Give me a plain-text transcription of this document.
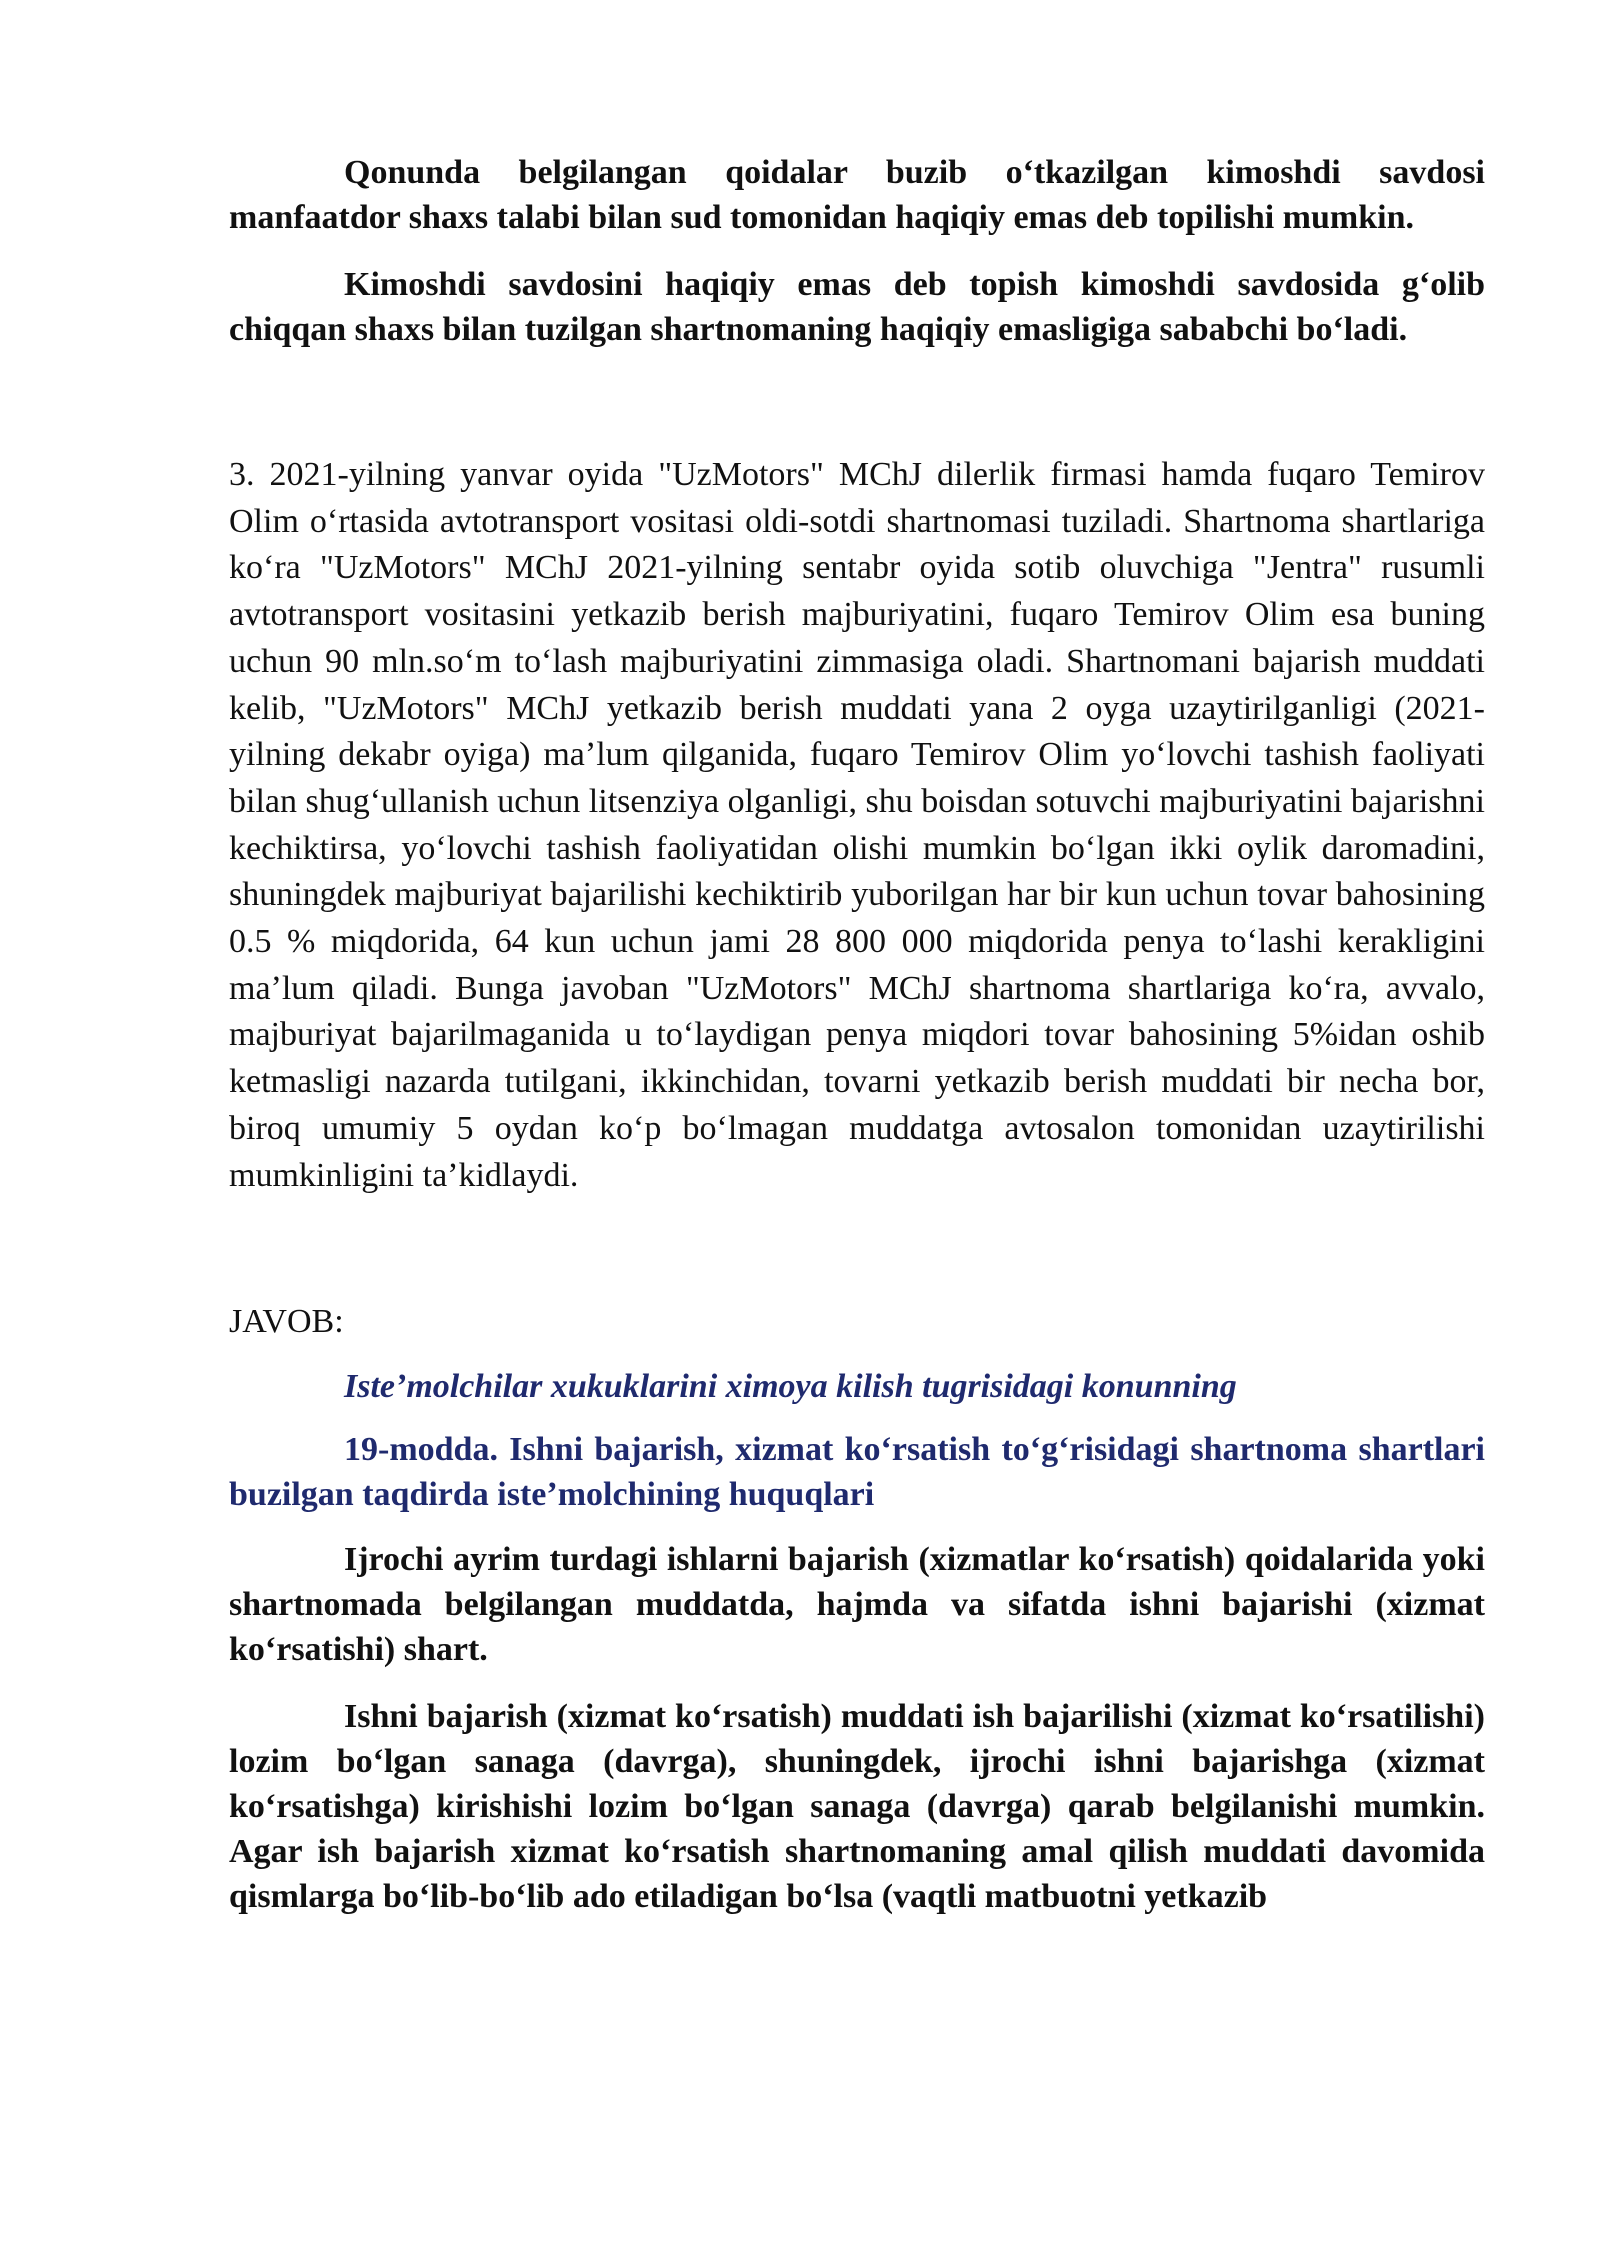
Qonunda belgilangan qoidalar buzib oʻtkazilgan kimoshdi savdosi manfaatdor shaxs talabi bilan sud tomonidan haqiqiy emas deb topilishi mumkin.

Kimoshdi savdosini haqiqiy emas deb topish kimoshdi savdosida gʻolib chiqqan shaxs bilan tuzilgan shartnomaning haqiqiy emasligiga sababchi boʻladi.

3. 2021-yilning yanvar oyida "UzMotors" MChJ dilerlik firmasi hamda fuqaro Temirov Olim oʻrtasida avtotransport vositasi oldi-sotdi shartnomasi tuziladi. Shartnoma shartlariga koʻra "UzMotors" MChJ 2021-yilning sentabr oyida sotib oluvchiga "Jentra" rusumli avtotransport vositasini yetkazib berish majburiyatini, fuqaro Temirov Olim esa buning uchun 90 mln.soʻm toʻlash majburiyatini zimmasiga oladi. Shartnomani bajarish muddati kelib, "UzMotors" MChJ yetkazib berish muddati yana 2 oyga uzaytirilganligi (2021-yilning dekabr oyiga) maʼlum qilganida, fuqaro Temirov Olim yoʻlovchi tashish faoliyati bilan shugʻullanish uchun litsenziya olganligi, shu boisdan sotuvchi majburiyatini bajarishni kechiktirsa, yoʻlovchi tashish faoliyatidan olishi mumkin boʻlgan ikki oylik daromadini, shuningdek majburiyat bajarilishi kechiktirib yuborilgan har bir kun uchun tovar bahosining 0.5 % miqdorida, 64 kun uchun jami 28 800 000 miqdorida penya toʻlashi kerakligini maʼlum qiladi. Bunga javoban "UzMotors" MChJ shartnoma shartlariga koʻra, avvalo, majburiyat bajarilmaganida u toʻlaydigan penya miqdori tovar bahosining 5%idan oshib ketmasligi nazarda tutilgani, ikkinchidan, tovarni yetkazib berish muddati bir necha bor, biroq umumiy 5 oydan koʻp boʻlmagan muddatga avtosalon tomonidan uzaytirilishi mumkinligini taʼkidlaydi.

JAVOB:

Isteʼmolchilar xukuklarini ximoya kilish tugrisidagi konunning

19-modda. Ishni bajarish, xizmat koʻrsatish toʻgʻrisidagi shartnoma shartlari buzilgan taqdirda isteʼmolchining huquqlari

Ijrochi ayrim turdagi ishlarni bajarish (xizmatlar koʻrsatish) qoidalarida yoki shartnomada belgilangan muddatda, hajmda va sifatda ishni bajarishi (xizmat koʻrsatishi) shart.

Ishni bajarish (xizmat koʻrsatish) muddati ish bajarilishi (xizmat koʻrsatilishi) lozim boʻlgan sanaga (davrga), shuningdek, ijrochi ishni bajarishga (xizmat koʻrsatishga) kirishishi lozim boʻlgan sanaga (davrga) qarab belgilanishi mumkin. Agar ish bajarish xizmat koʻrsatish shartnomaning amal qilish muddati davomida qismlarga boʻlib-boʻlib ado etiladigan boʻlsa (vaqtli matbuotni yetkazib
